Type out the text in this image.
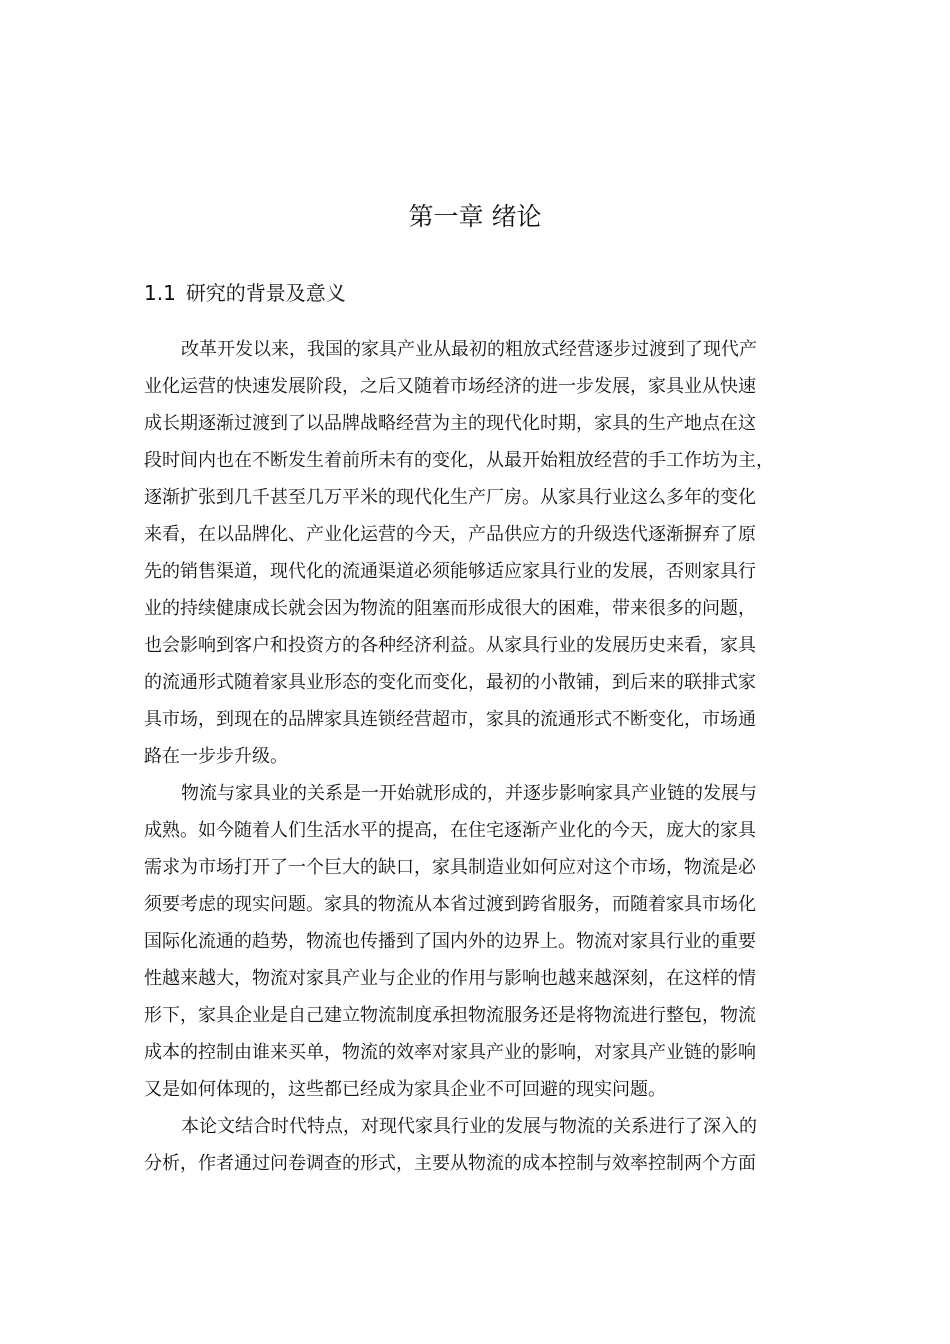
第一章 绪论
1.1 研究的背景及意义
改革开发以来，我国的家具产业从最初的粗放式经营逐步过渡到了现代产
业化运营的快速发展阶段，之后又随着市场经济的进一步发展，家具业从快速
成长期逐渐过渡到了以品牌战略经营为主的现代化时期，家具的生产地点在这
段时间内也在不断发生着前所未有的变化，从最开始粗放经营的手工作坊为主，
逐渐扩张到几千甚至几万平米的现代化生产厂房。从家具行业这么多年的变化
来看，在以品牌化、产业化运营的今天，产品供应方的升级迭代逐渐摒弃了原
先的销售渠道，现代化的流通渠道必须能够适应家具行业的发展，否则家具行
业的持续健康成长就会因为物流的阻塞而形成很大的困难，带来很多的问题，
也会影响到客户和投资方的各种经济利益。从家具行业的发展历史来看，家具
的流通形式随着家具业形态的变化而变化，最初的小散铺，到后来的联排式家
具市场，到现在的品牌家具连锁经营超市，家具的流通形式不断变化，市场通
路在一步步升级。
物流与家具业的关系是一开始就形成的，并逐步影响家具产业链的发展与
成熟。如今随着人们生活水平的提高，在住宅逐渐产业化的今天，庞大的家具
需求为市场打开了一个巨大的缺口，家具制造业如何应对这个市场，物流是必
须要考虑的现实问题。家具的物流从本省过渡到跨省服务，而随着家具市场化
国际化流通的趋势，物流也传播到了国内外的边界上。物流对家具行业的重要
性越来越大，物流对家具产业与企业的作用与影响也越来越深刻，在这样的情
形下，家具企业是自己建立物流制度承担物流服务还是将物流进行整包，物流
成本的控制由谁来买单，物流的效率对家具产业的影响，对家具产业链的影响
又是如何体现的，这些都已经成为家具企业不可回避的现实问题。
本论文结合时代特点，对现代家具行业的发展与物流的关系进行了深入的
分析，作者通过问卷调查的形式，主要从物流的成本控制与效率控制两个方面
